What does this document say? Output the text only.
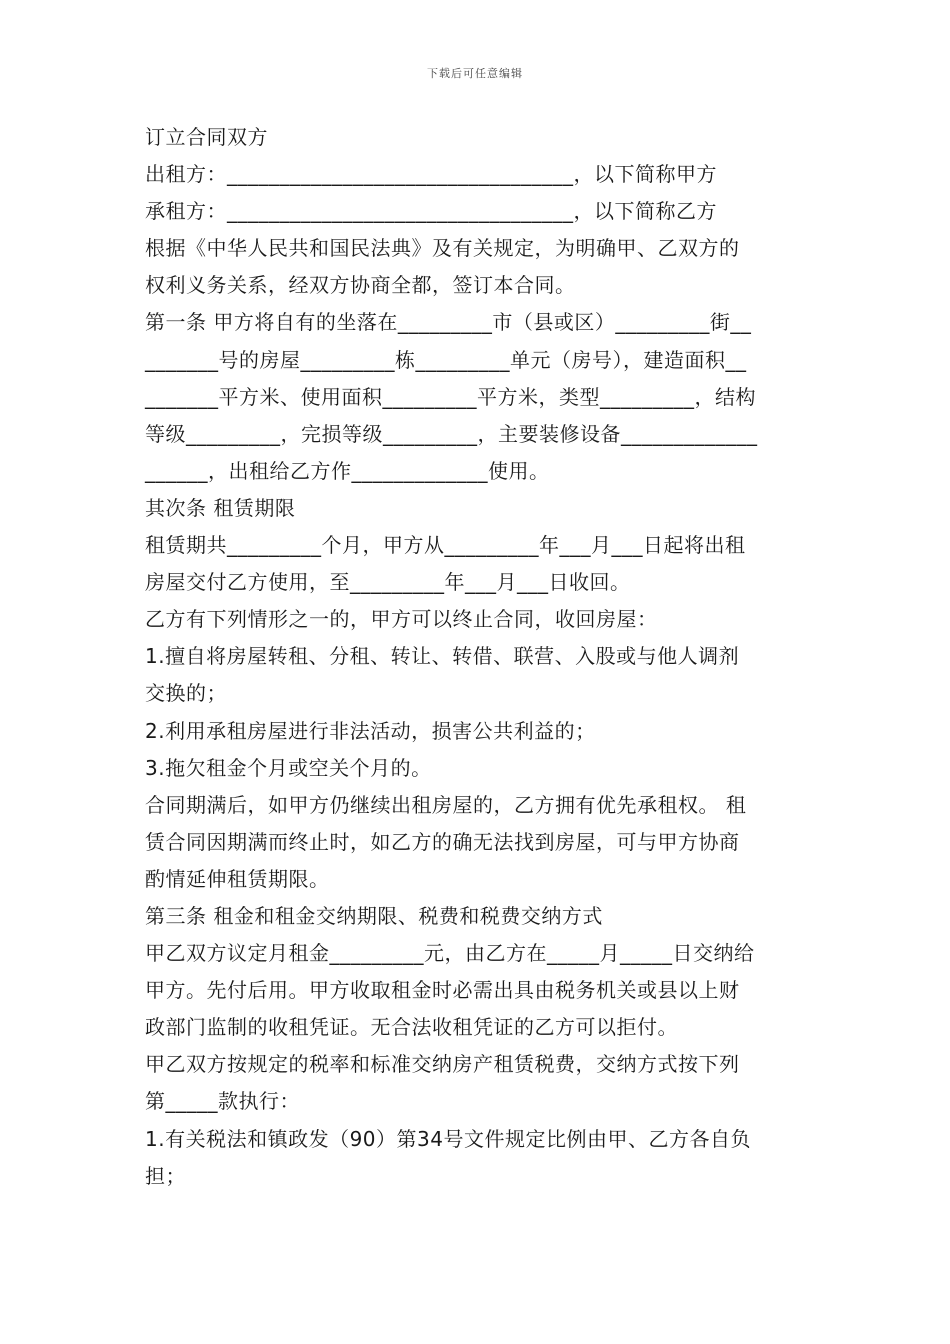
下载后可任意编辑
订立合同双方
出租方：_________________________________，以下简称甲方
承租方：_________________________________，以下简称乙方
根据《中华人民共和国民法典》及有关规定，为明确甲、乙双方的
权利义务关系，经双方协商全都，签订本合同。
第一条 甲方将自有的坐落在_________市（县或区）_________街__
_______号的房屋_________栋_________单元（房号），建造面积__
_______平方米、使用面积_________平方米，类型_________，结构
等级_________，完损等级_________，主要装修设备_____________
______，出租给乙方作_____________使用。
其次条 租赁期限
租赁期共_________个月，甲方从_________年___月___日起将出租
房屋交付乙方使用，至_________年___月___日收回。
乙方有下列情形之一的，甲方可以终止合同，收回房屋：
1.擅自将房屋转租、分租、转让、转借、联营、入股或与他人调剂
交换的；
2.利用承租房屋进行非法活动，损害公共利益的；
3.拖欠租金个月或空关个月的。
合同期满后，如甲方仍继续出租房屋的，乙方拥有优先承租权。 租
赁合同因期满而终止时，如乙方的确无法找到房屋，可与甲方协商
酌情延伸租赁期限。
第三条 租金和租金交纳期限、税费和税费交纳方式
甲乙双方议定月租金_________元，由乙方在_____月_____日交纳给
甲方。先付后用。甲方收取租金时必需出具由税务机关或县以上财
政部门监制的收租凭证。无合法收租凭证的乙方可以拒付。
甲乙双方按规定的税率和标准交纳房产租赁税费，交纳方式按下列
第_____款执行：
1.有关税法和镇政发（90）第34号文件规定比例由甲、乙方各自负
担；
